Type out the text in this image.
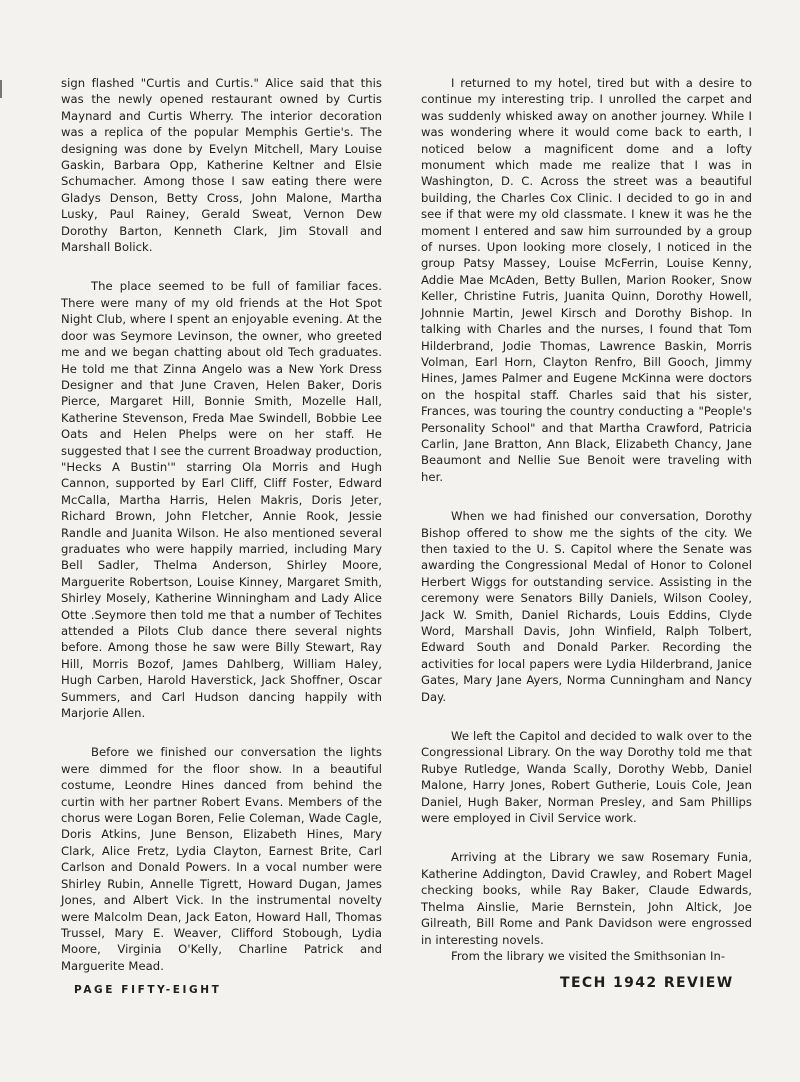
sign flashed "Curtis and Curtis." Alice said that this was the newly opened restaurant owned by Curtis Maynard and Curtis Wherry. The interior decoration was a replica of the popular Memphis Gertie's. The designing was done by Evelyn Mitchell, Mary Louise Gaskin, Barbara Opp, Katherine Keltner and Elsie Schumacher. Among those I saw eating there were Gladys Denson, Betty Cross, John Malone, Martha Lusky, Paul Rainey, Gerald Sweat, Vernon Dew Dorothy Barton, Kenneth Clark, Jim Stovall and Marshall Bolick.

The place seemed to be full of familiar faces. There were many of my old friends at the Hot Spot Night Club, where I spent an enjoyable evening. At the door was Seymore Levinson, the owner, who greeted me and we began chatting about old Tech graduates. He told me that Zinna Angelo was a New York Dress Designer and that June Craven, Helen Baker, Doris Pierce, Margaret Hill, Bonnie Smith, Mozelle Hall, Katherine Stevenson, Freda Mae Swindell, Bobbie Lee Oats and Helen Phelps were on her staff. He suggested that I see the current Broadway production, "Hecks A Bustin'" starring Ola Morris and Hugh Cannon, supported by Earl Cliff, Cliff Foster, Edward McCalla, Martha Harris, Helen Makris, Doris Jeter, Richard Brown, John Fletcher, Annie Rook, Jessie Randle and Juanita Wilson. He also mentioned several graduates who were happily married, including Mary Bell Sadler, Thelma Anderson, Shirley Moore, Marguerite Robertson, Louise Kinney, Margaret Smith, Shirley Mosely, Katherine Winningham and Lady Alice Otte .Seymore then told me that a number of Techites attended a Pilots Club dance there several nights before. Among those he saw were Billy Stewart, Ray Hill, Morris Bozof, James Dahlberg, William Haley, Hugh Carben, Harold Haverstick, Jack Shoffner, Oscar Summers, and Carl Hudson dancing happily with Marjorie Allen.

Before we finished our conversation the lights were dimmed for the floor show. In a beautiful costume, Leondre Hines danced from behind the curtin with her partner Robert Evans. Members of the chorus were Logan Boren, Felie Coleman, Wade Cagle, Doris Atkins, June Benson, Elizabeth Hines, Mary Clark, Alice Fretz, Lydia Clayton, Earnest Brite, Carl Carlson and Donald Powers. In a vocal number were Shirley Rubin, Annelle Tigrett, Howard Dugan, James Jones, and Albert Vick. In the instrumental novelty were Malcolm Dean, Jack Eaton, Howard Hall, Thomas Trussel, Mary E. Weaver, Clifford Stobough, Lydia Moore, Virginia O'Kelly, Charline Patrick and Marguerite Mead.

I returned to my hotel, tired but with a desire to continue my interesting trip. I unrolled the carpet and was suddenly whisked away on another journey. While I was wondering where it would come back to earth, I noticed below a magnificent dome and a lofty monument which made me realize that I was in Washington, D. C. Across the street was a beautiful building, the Charles Cox Clinic. I decided to go in and see if that were my old classmate. I knew it was he the moment I entered and saw him surrounded by a group of nurses. Upon looking more closely, I noticed in the group Patsy Massey, Louise McFerrin, Louise Kenny, Addie Mae McAden, Betty Bullen, Marion Rooker, Snow Keller, Christine Futris, Juanita Quinn, Dorothy Howell, Johnnie Martin, Jewel Kirsch and Dorothy Bishop. In talking with Charles and the nurses, I found that Tom Hilderbrand, Jodie Thomas, Lawrence Baskin, Morris Volman, Earl Horn, Clayton Renfro, Bill Gooch, Jimmy Hines, James Palmer and Eugene McKinna were doctors on the hospital staff. Charles said that his sister, Frances, was touring the country conducting a "People's Personality School" and that Martha Crawford, Patricia Carlin, Jane Bratton, Ann Black, Elizabeth Chancy, Jane Beaumont and Nellie Sue Benoit were traveling with her.

When we had finished our conversation, Dorothy Bishop offered to show me the sights of the city. We then taxied to the U. S. Capitol where the Senate was awarding the Congressional Medal of Honor to Colonel Herbert Wiggs for outstanding service. Assisting in the ceremony were Senators Billy Daniels, Wilson Cooley, Jack W. Smith, Daniel Richards, Louis Eddins, Clyde Word, Marshall Davis, John Winfield, Ralph Tolbert, Edward South and Donald Parker. Recording the activities for local papers were Lydia Hilderbrand, Janice Gates, Mary Jane Ayers, Norma Cunningham and Nancy Day.

We left the Capitol and decided to walk over to the Congressional Library. On the way Dorothy told me that Rubye Rutledge, Wanda Scally, Dorothy Webb, Daniel Malone, Harry Jones, Robert Gutherie, Louis Cole, Jean Daniel, Hugh Baker, Norman Presley, and Sam Phillips were employed in Civil Service work.

Arriving at the Library we saw Rosemary Funia, Katherine Addington, David Crawley, and Robert Magel checking books, while Ray Baker, Claude Edwards, Thelma Ainslie, Marie Bernstein, John Altick, Joe Gilreath, Bill Rome and Pank Davidson were engrossed in interesting novels.

From the library we visited the Smithsonian In-

PAGE FIFTY-EIGHT	TECH 1942 REVIEW
